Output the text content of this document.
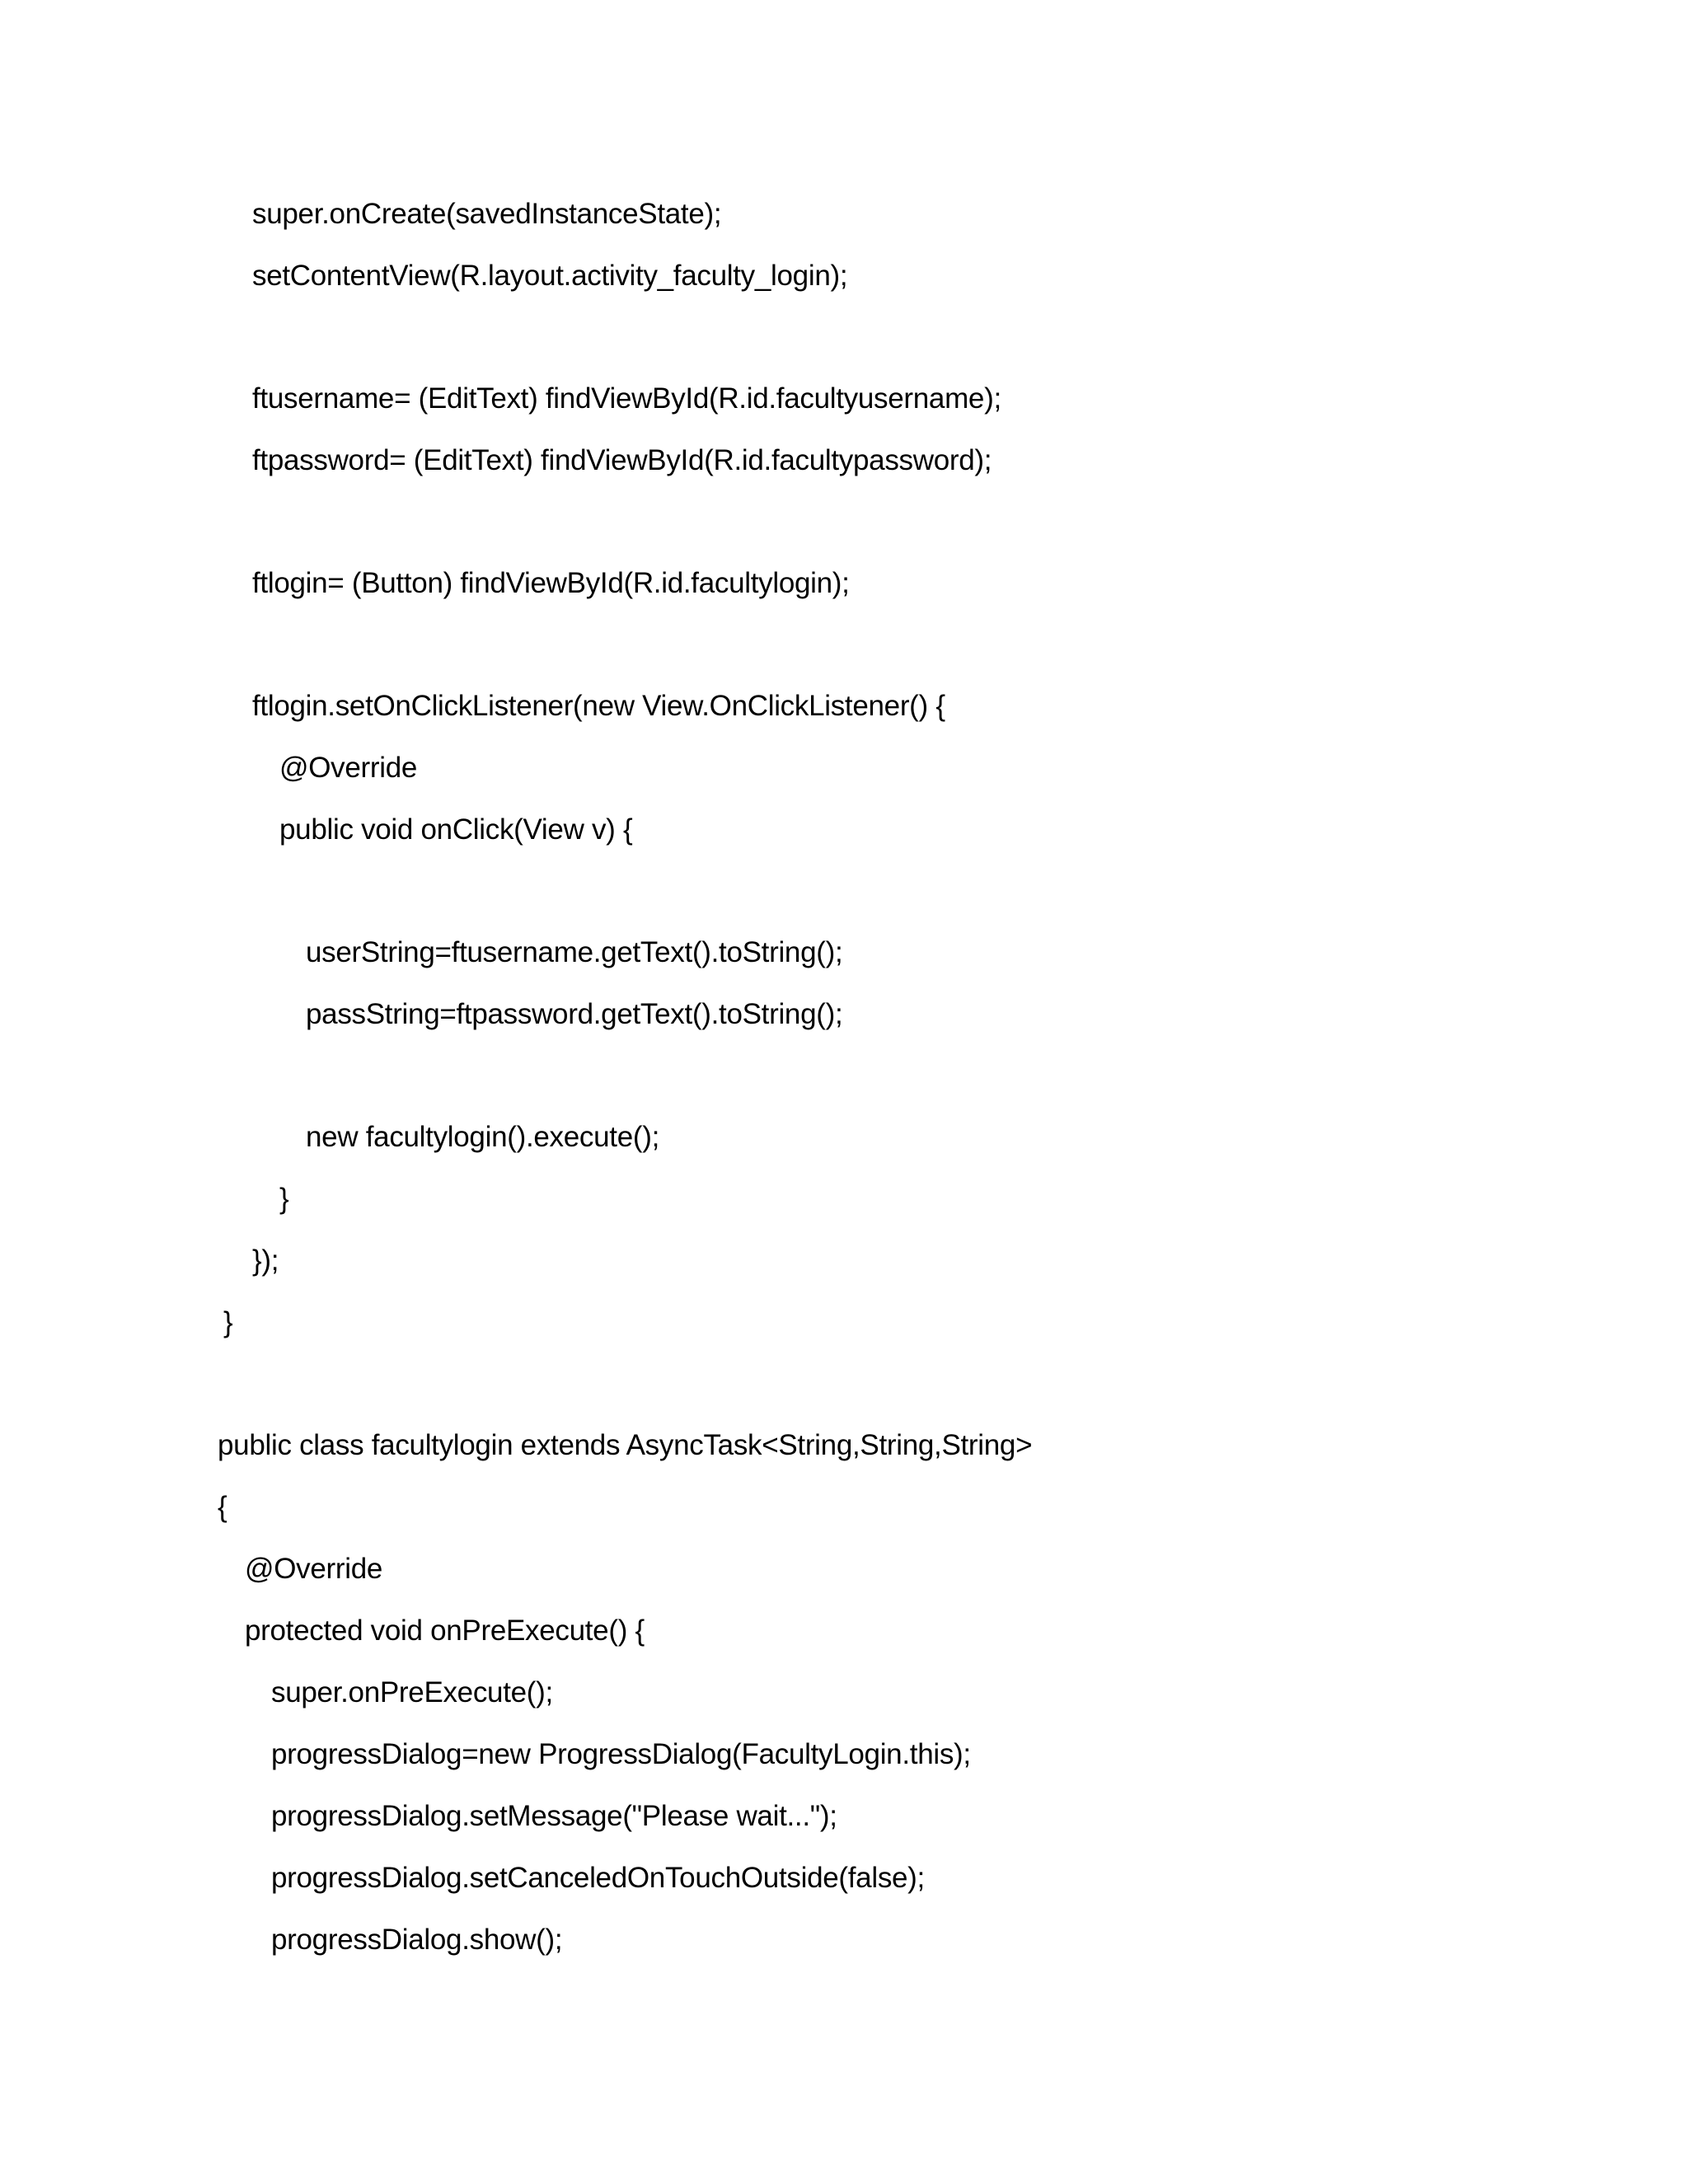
super.onCreate(savedInstanceState);
setContentView(R.layout.activity_faculty_login);
ftusername= (EditText) findViewById(R.id.facultyusername);
ftpassword= (EditText) findViewById(R.id.facultypassword);
ftlogin= (Button) findViewById(R.id.facultylogin);
ftlogin.setOnClickListener(new View.OnClickListener() {
@Override
public void onClick(View v) {
userString=ftusername.getText().toString();
passString=ftpassword.getText().toString();
new facultylogin().execute();
}
});
}
public class facultylogin extends AsyncTask<String,String,String>
{
@Override
protected void onPreExecute() {
super.onPreExecute();
progressDialog=new ProgressDialog(FacultyLogin.this);
progressDialog.setMessage("Please wait...");
progressDialog.setCanceledOnTouchOutside(false);
progressDialog.show();
